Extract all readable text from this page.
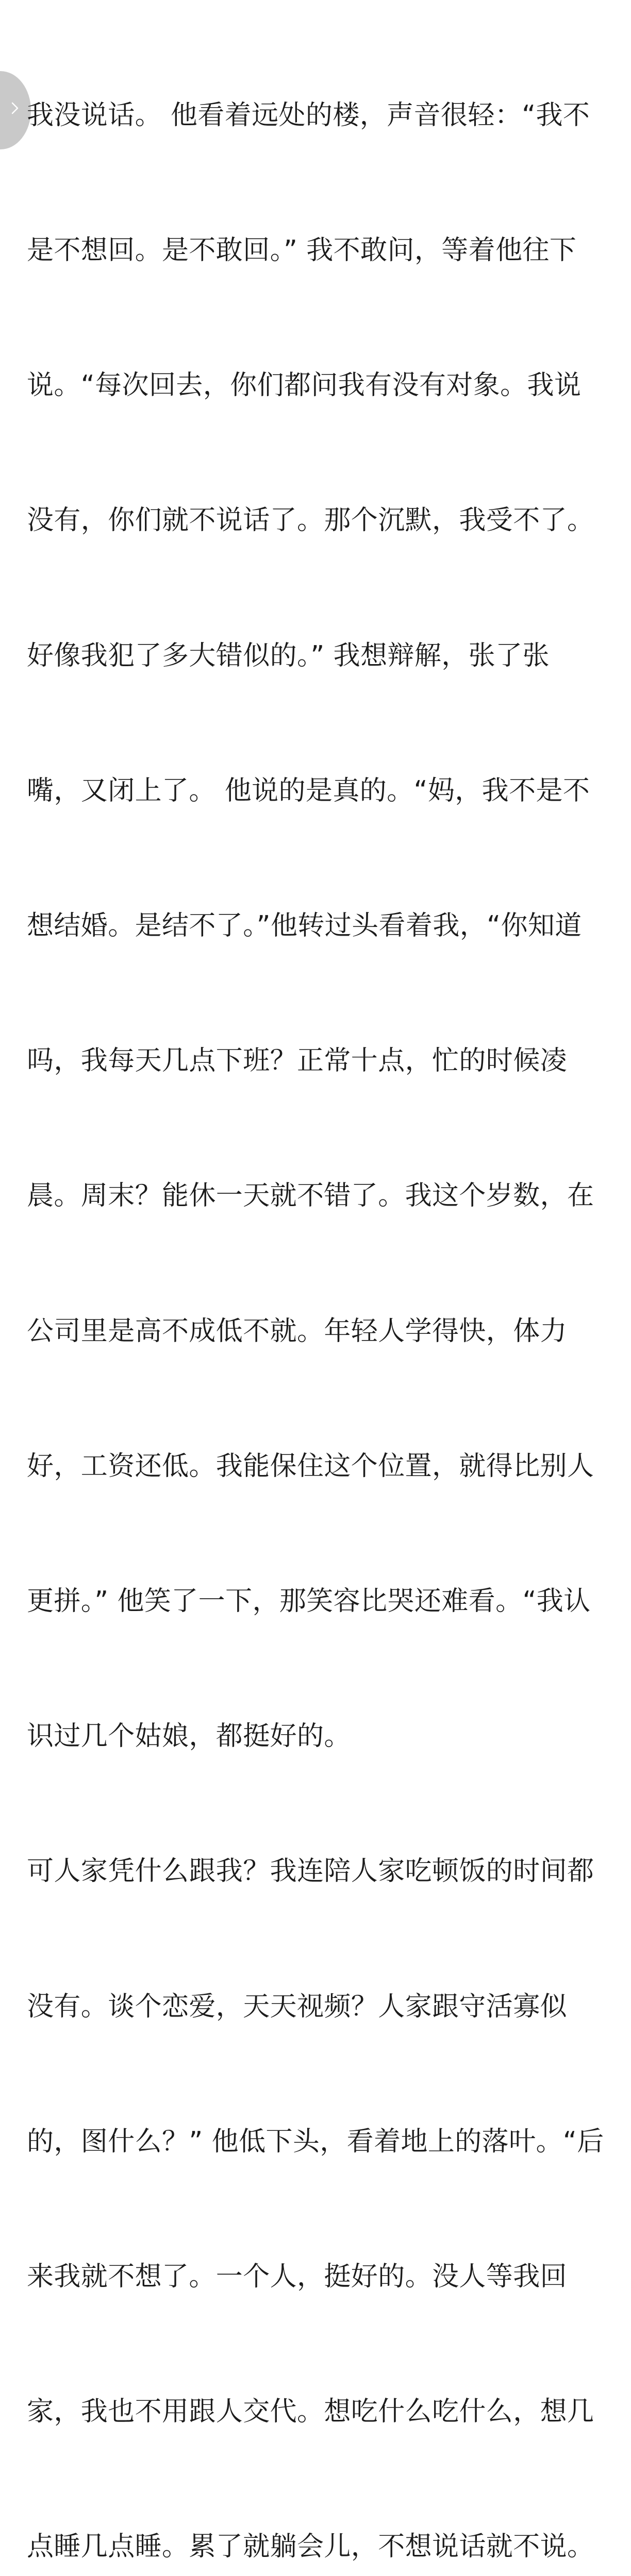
我没说话。 他看着远处的楼，声音很轻：“我不

是不想回。是不敢回。” 我不敢问，等着他往下

说。“每次回去，你们都问我有没有对象。我说

没有，你们就不说话了。那个沉默，我受不了。

好像我犯了多大错似的。” 我想辩解，张了张

嘴，又闭上了。 他说的是真的。“妈，我不是不

想结婚。是结不了。”他转过头看着我，“你知道

吗，我每天几点下班？正常十点，忙的时候凌

晨。周末？能休一天就不错了。我这个岁数，在

公司里是高不成低不就。年轻人学得快，体力

好，工资还低。我能保住这个位置，就得比别人

更拼。” 他笑了一下，那笑容比哭还难看。“我认

识过几个姑娘，都挺好的。

可人家凭什么跟我？我连陪人家吃顿饭的时间都

没有。谈个恋爱，天天视频？人家跟守活寡似

的，图什么？” 他低下头，看着地上的落叶。“后

来我就不想了。一个人，挺好的。没人等我回

家，我也不用跟人交代。想吃什么吃什么，想几

点睡几点睡。累了就躺会儿，不想说话就不说。
